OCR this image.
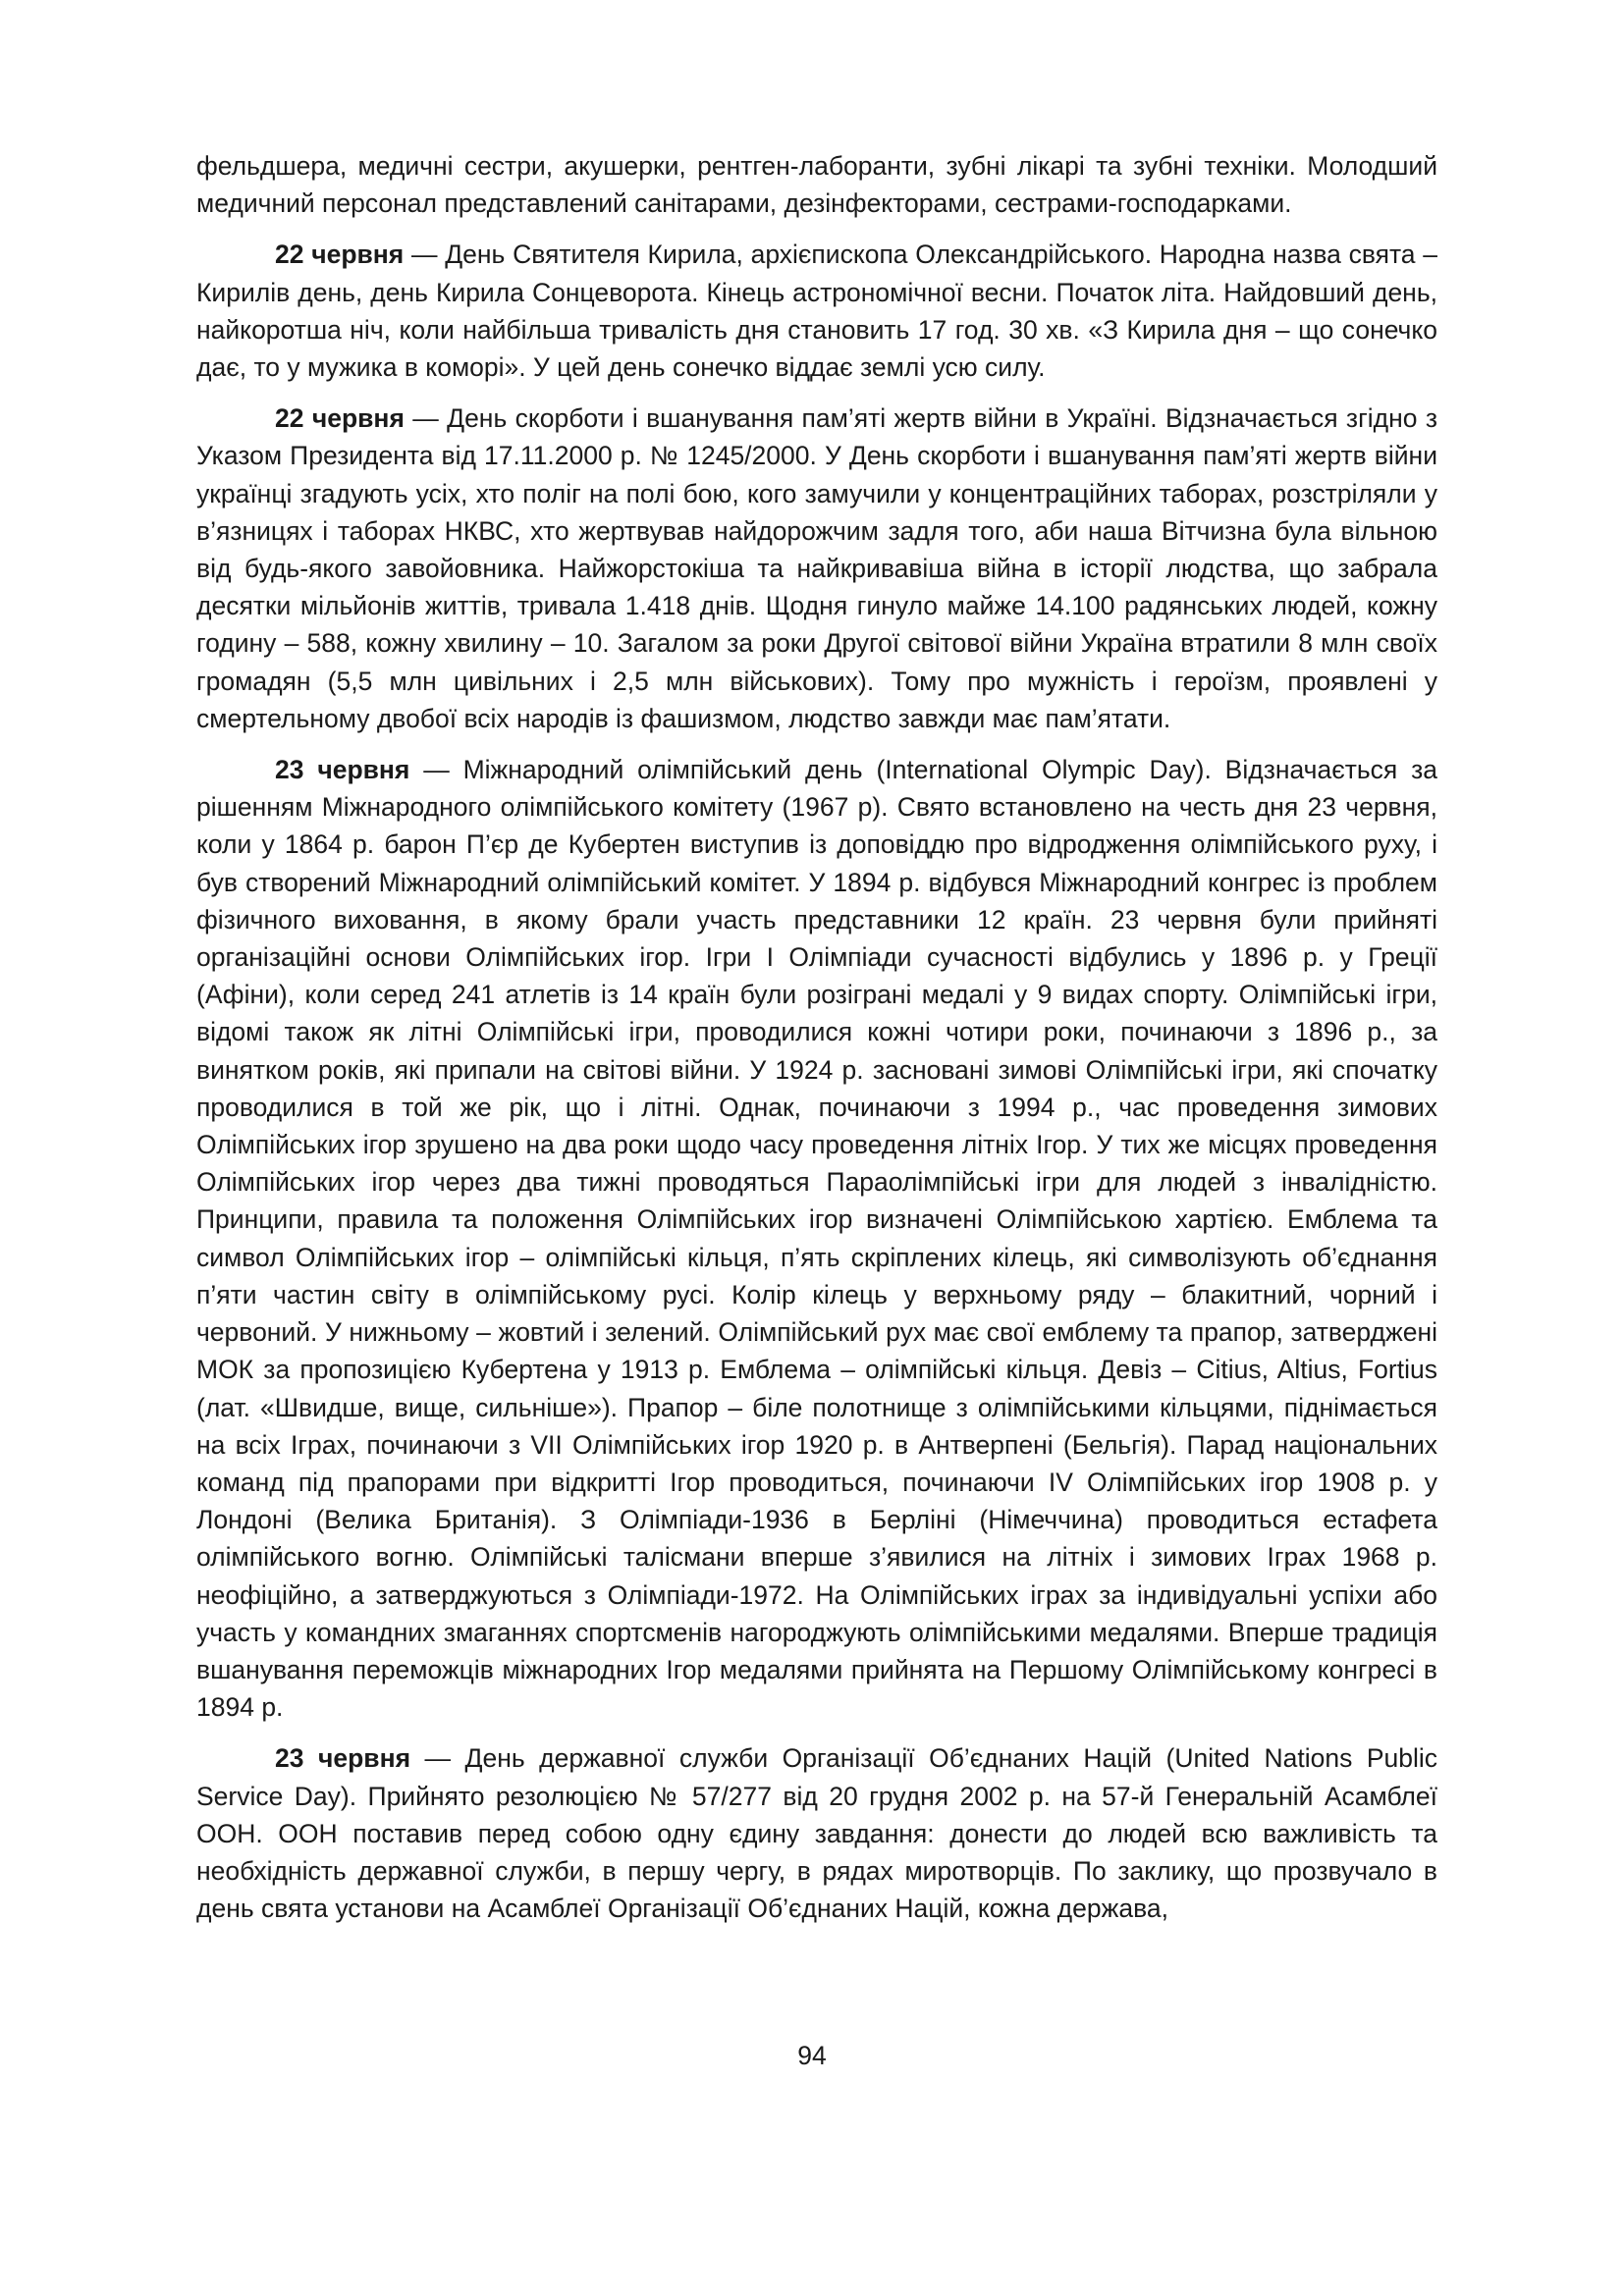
фельдшера, медичні сестри, акушерки, рентген-лаборанти, зубні лікарі та зубні техніки. Молодший медичний персонал представлений санітарами, дезінфекторами, сестрами-господарками.

22 червня — День Святителя Кирила, архієпископа Олександрійського. Народна назва свята – Кирилів день, день Кирила Сонцеворота. Кінець астрономічної весни. Початок літа. Найдовший день, найкоротша ніч, коли найбільша тривалість дня становить 17 год. 30 хв. «З Кирила дня – що сонечко дає, то у мужика в коморі». У цей день сонечко віддає землі усю силу.

22 червня — День скорботи і вшанування пам’яті жертв війни в Україні. Відзначається згідно з Указом Президента від 17.11.2000 р. № 1245/2000. У День скорботи і вшанування пам’яті жертв війни українці згадують усіх, хто поліг на полі бою, кого замучили у концентраційних таборах, розстріляли у в’язницях і таборах НКВС, хто жертвував найдорожчим задля того, аби наша Вітчизна була вільною від будь-якого завойовника. Найжорстокіша та найкривавіша війна в історії людства, що забрала десятки мільйонів життів, тривала 1.418 днів. Щодня гинуло майже 14.100 радянських людей, кожну годину – 588, кожну хвилину – 10. Загалом за роки Другої світової війни Україна втратили 8 млн своїх громадян (5,5 млн цивільних і 2,5 млн військових). Тому про мужність і героїзм, проявлені у смертельному двобої всіх народів із фашизмом, людство завжди має пам’ятати.

23 червня — Міжнародний олімпійський день (International Olympic Day). Відзначається за рішенням Міжнародного олімпійського комітету (1967 р). Свято встановлено на честь дня 23 червня, коли у 1864 р. барон П’єр де Кубертен виступив із доповіддю про відродження олімпійського руху, і був створений Міжнародний олімпійський комітет. У 1894 р. відбувся Міжнародний конгрес із проблем фізичного виховання, в якому брали участь представники 12 країн. 23 червня були прийняті організаційні основи Олімпійських ігор. Ігри І Олімпіади сучасності відбулись у 1896 р. у Греції (Афіни), коли серед 241 атлетів із 14 країн були розіграні медалі у 9 видах спорту. Олімпійські ігри, відомі також як літні Олімпійські ігри, проводилися кожні чотири роки, починаючи з 1896 р., за винятком років, які припали на світові війни. У 1924 р. засновані зимові Олімпійські ігри, які спочатку проводилися в той же рік, що і літні. Однак, починаючи з 1994 р., час проведення зимових Олімпійських ігор зрушено на два роки щодо часу проведення літніх Ігор. У тих же місцях проведення Олімпійських ігор через два тижні проводяться Параолімпійські ігри для людей з інвалідністю. Принципи, правила та положення Олімпійських ігор визначені Олімпійською хартією. Емблема та символ Олімпійських ігор – олімпійські кільця, п’ять скріплених кілець, які символізують об’єднання п’яти частин світу в олімпійському русі. Колір кілець у верхньому ряду – блакитний, чорний і червоний. У нижньому – жовтий і зелений. Олімпійський рух має свої емблему та прапор, затверджені МОК за пропозицією Кубертена у 1913 р. Емблема – олімпійські кільця. Девіз – Citius, Altius, Fortius (лат. «Швидше, вище, сильніше»). Прапор – біле полотнище з олімпійськими кільцями, піднімається на всіх Іграх, починаючи з VII Олімпійських ігор 1920 р. в Антверпені (Бельгія). Парад національних команд під прапорами при відкритті Ігор проводиться, починаючи IV Олімпійських ігор 1908 р. у Лондоні (Велика Британія). З Олімпіади-1936 в Берліні (Німеччина) проводиться естафета олімпійського вогню. Олімпійські талісмани вперше з’явилися на літніх і зимових Іграх 1968 р. неофіційно, а затверджуються з Олімпіади-1972. На Олімпійських іграх за індивідуальні успіхи або участь у командних змаганнях спортсменів нагороджують олімпійськими медалями. Вперше традиція вшанування переможців міжнародних Ігор медалями прийнята на Першому Олімпійському конгресі в 1894 р.

23 червня — День державної служби Організації Об’єднаних Націй (United Nations Public Service Day). Прийнято резолюцією № 57/277 від 20 грудня 2002 р. на 57-й Генеральній Асамблеї ООН. ООН поставив перед собою одну єдину завдання: донести до людей всю важливість та необхідність державної служби, в першу чергу, в рядах миротворців. По заклику, що прозвучало в день свята установи на Асамблеї Організації Об’єднаних Націй, кожна держава,

94
